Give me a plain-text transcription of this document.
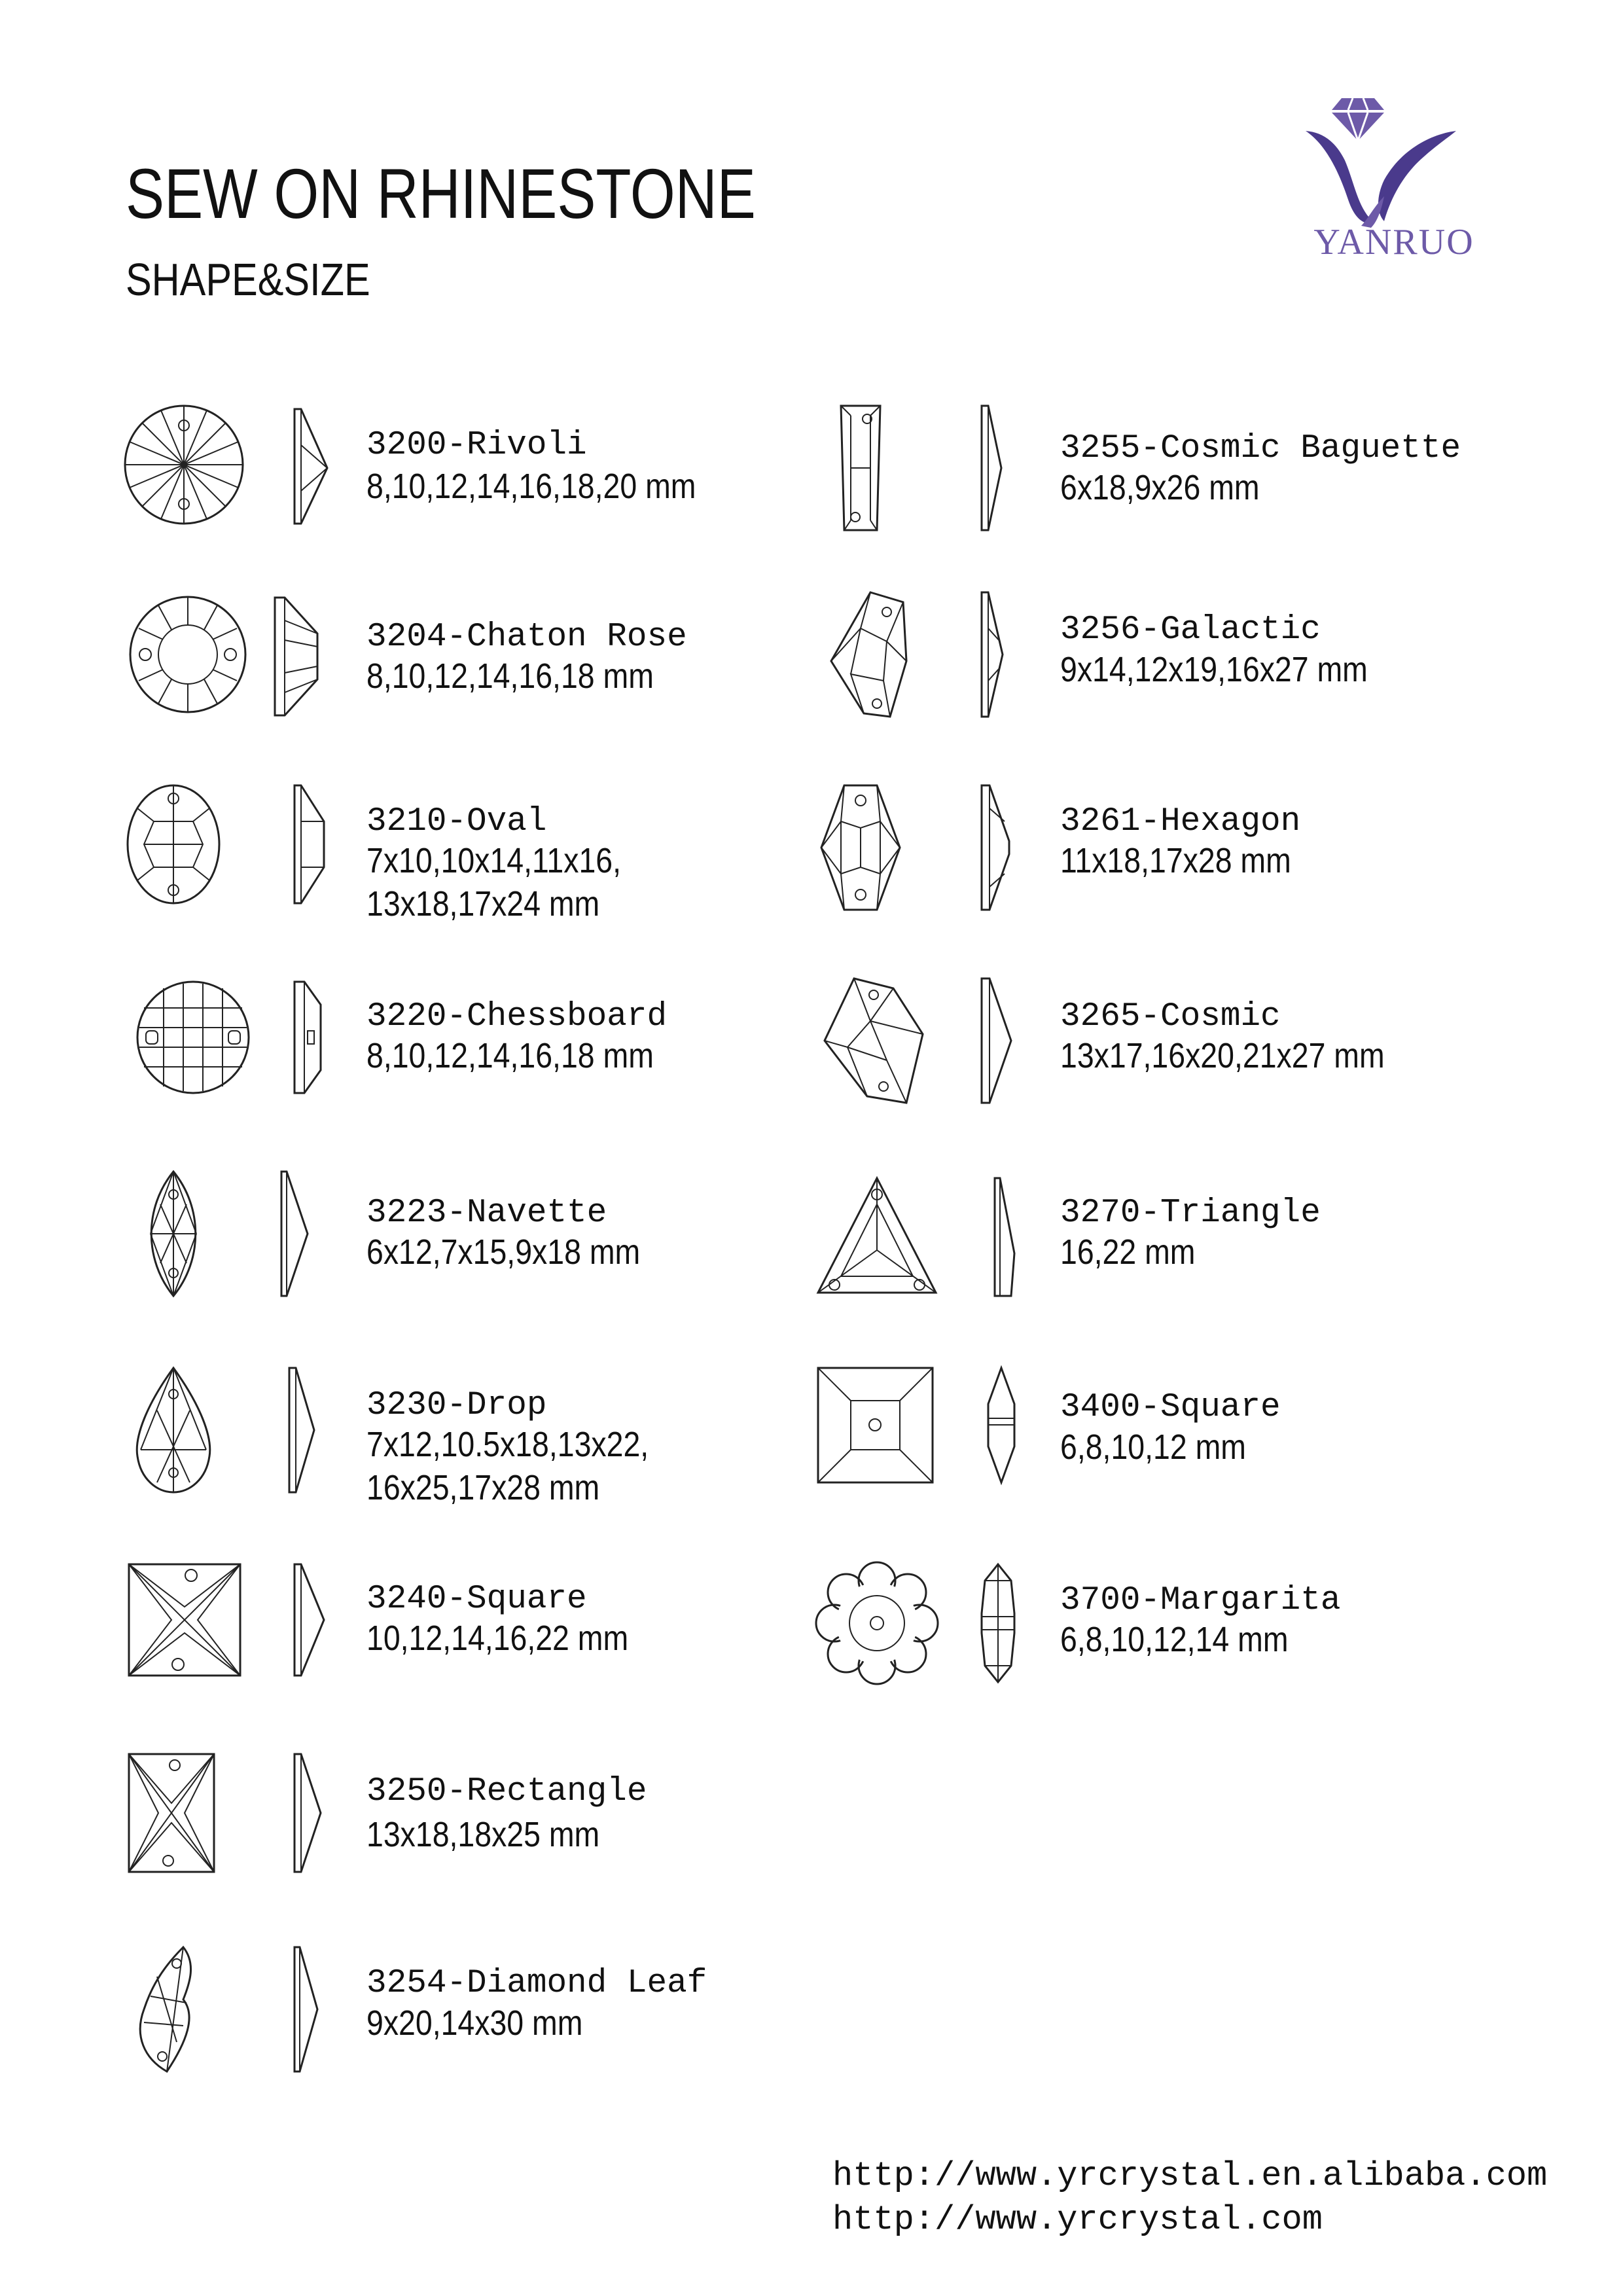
SEW ON RHINESTONE
SHAPE&SIZE
YANRUO
3200-Rivoli
8,10,12,14,16,18,20 mm
3204-Chaton Rose
8,10,12,14,16,18 mm
3210-Oval
7x10,10x14,11x16,
13x18,17x24 mm
3220-Chessboard
8,10,12,14,16,18 mm
3223-Navette
6x12,7x15,9x18 mm
3230-Drop
7x12,10.5x18,13x22,
16x25,17x28 mm
3240-Square
10,12,14,16,22 mm
3250-Rectangle
13x18,18x25 mm
3254-Diamond Leaf
9x20,14x30 mm
3255-Cosmic Baguette
6x18,9x26 mm
3256-Galactic
9x14,12x19,16x27 mm
3261-Hexagon
11x18,17x28 mm
3265-Cosmic
13x17,16x20,21x27 mm
3270-Triangle
16,22 mm
3400-Square
6,8,10,12 mm
3700-Margarita
6,8,10,12,14 mm
http://www.yrcrystal.en.alibaba.com
http://www.yrcrystal.com
